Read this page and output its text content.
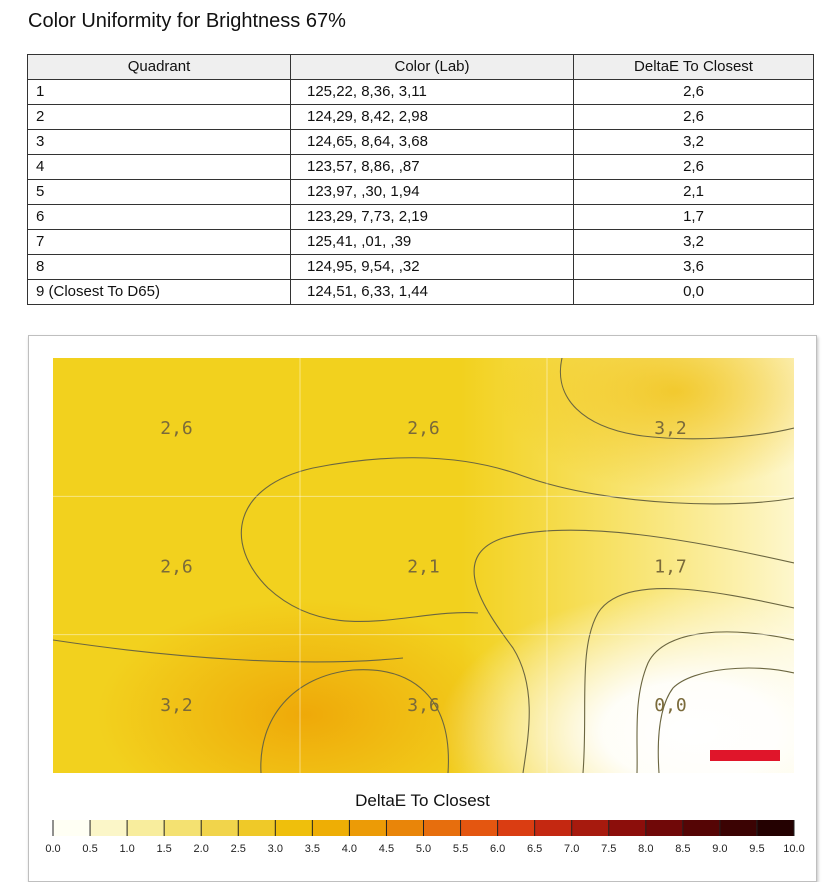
Color Uniformity for Brightness 67%
Quadrant	Color (Lab)	DeltaE To Closest
1	125,22, 8,36, 3,11	2,6
2	124,29, 8,42, 2,98	2,6
3	124,65, 8,64, 3,68	3,2
4	123,57, 8,86, ,87	2,6
5	123,97, ,30, 1,94	2,1
6	123,29, 7,73, 2,19	1,7
7	125,41, ,01, ,39	3,2
8	124,95, 9,54, ,32	3,6
9 (Closest To D65)	124,51, 6,33, 1,44	0,0
2,6	2,6	3,2
2,6	2,1	1,7
3,2	3,6	0,0
DeltaE To Closest
0.0 0.5 1.0 1.5 2.0 2.5 3.0 3.5 4.0 4.5 5.0 5.5 6.0 6.5 7.0 7.5 8.0 8.5 9.0 9.5 10.0
